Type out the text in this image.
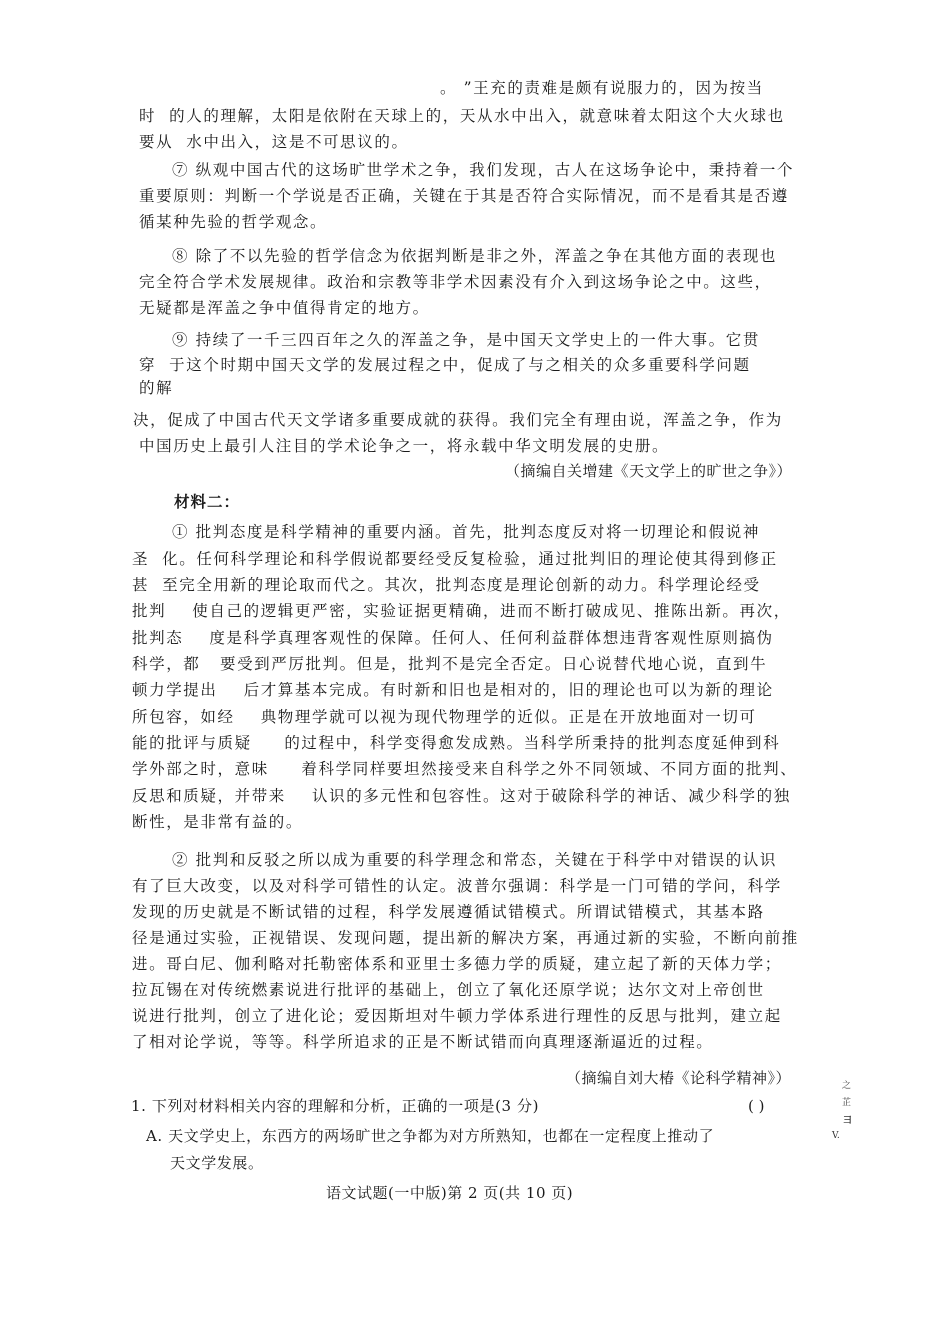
。 ”王充的责难是颇有说服力的，因为按当
时  的人的理解，太阳是依附在天球上的，天从水中出入，就意味着太阳这个大火球也
要从  水中出入，这是不可思议的。
⑦ 纵观中国古代的这场旷世学术之争，我们发现，古人在这场争论中，秉持着一个
重要原则：判断一个学说是否正确，关键在于其是否符合实际情况，而不是看其是否遵
循某种先验的哲学观念。
⑧ 除了不以先验的哲学信念为依据判断是非之外，浑盖之争在其他方面的表现也
完全符合学术发展规律。政治和宗教等非学术因素没有介入到这场争论之中。这些，
无疑都是浑盖之争中值得肯定的地方。
⑨ 持续了一千三四百年之久的浑盖之争，是中国天文学史上的一件大事。它贯
穿  于这个时期中国天文学的发展过程之中，促成了与之相关的众多重要科学问题
的解
决，促成了中国古代天文学诸多重要成就的获得。我们完全有理由说，浑盖之争，作为
中国历史上最引人注目的学术论争之一，将永载中华文明发展的史册。
（摘编自关增建《天文学上的旷世之争》）
材料二：
① 批判态度是科学精神的重要内涵。首先，批判态度反对将一切理论和假说神
圣  化。任何科学理论和科学假说都要经受反复检验，通过批判旧的理论使其得到修正
甚  至完全用新的理论取而代之。其次，批判态度是理论创新的动力。科学理论经受
批判    使自己的逻辑更严密，实验证据更精确，进而不断打破成见、推陈出新。再次，
批判态    度是科学真理客观性的保障。任何人、任何利益群体想违背客观性原则搞伪
科学，都   要受到严厉批判。但是，批判不是完全否定。日心说替代地心说，直到牛
顿力学提出    后才算基本完成。有时新和旧也是相对的，旧的理论也可以为新的理论
所包容，如经    典物理学就可以视为现代物理学的近似。正是在开放地面对一切可
能的批评与质疑     的过程中，科学变得愈发成熟。当科学所秉持的批判态度延伸到科
学外部之时，意味     着科学同样要坦然接受来自科学之外不同领域、不同方面的批判、
反思和质疑，并带来    认识的多元性和包容性。这对于破除科学的神话、减少科学的独
断性，是非常有益的。
② 批判和反驳之所以成为重要的科学理念和常态，关键在于科学中对错误的认识
有了巨大改变，以及对科学可错性的认定。波普尔强调：科学是一门可错的学问，科学
发现的历史就是不断试错的过程，科学发展遵循试错模式。所谓试错模式，其基本路
径是通过实验，正视错误、发现问题，提出新的解决方案，再通过新的实验，不断向前推
进。哥白尼、伽利略对托勒密体系和亚里士多德力学的质疑，建立起了新的天体力学；
拉瓦锡在对传统燃素说进行批评的基础上，创立了氧化还原学说；达尔文对上帝创世
说进行批判，创立了进化论；爱因斯坦对牛顿力学体系进行理性的反思与批判，建立起
了相对论学说，等等。科学所追求的正是不断试错而向真理逐渐逼近的过程。
（摘编自刘大椿《论科学精神》）
1. 下列对材料相关内容的理解和分析，正确的一项是(3 分)	( )
A. 天文学史上，东西方的两场旷世之争都为对方所熟知，也都在一定程度上推动了
天文学发展。
语文试题(一中版)第 2 页(共 10 页)
之
芷
彐
V.
